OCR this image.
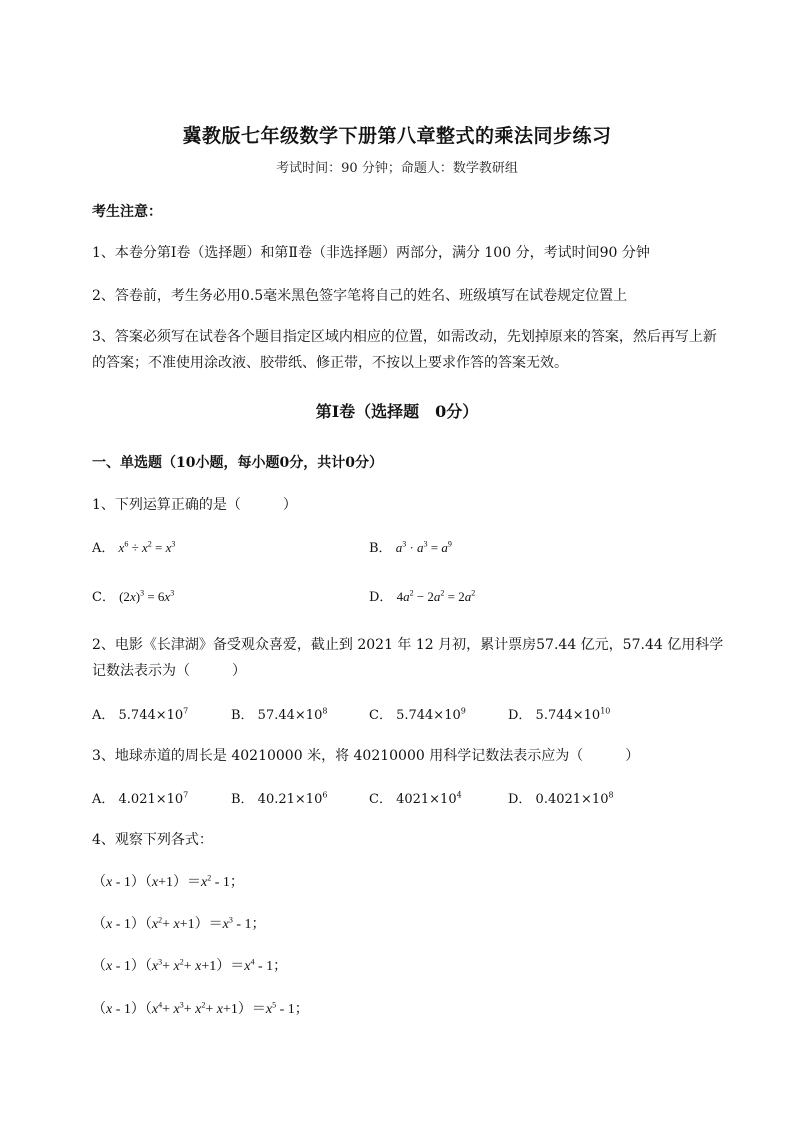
冀教版七年级数学下册第八章整式的乘法同步练习
考试时间：90 分钟；命题人：数学教研组
考生注意：
1、本卷分第Ⅰ卷（选择题）和第Ⅱ卷（非选择题）两部分，满分 100 分，考试时间90 分钟
2、答卷前，考生务必用0.5毫米黑色签字笔将自己的姓名、班级填写在试卷规定位置上
3、答案必须写在试卷各个题目指定区域内相应的位置，如需改动，先划掉原来的答案，然后再写上新
的答案；不准使用涂改液、胶带纸、修正带，不按以上要求作答的答案无效。
第Ⅰ卷（选择题　0分）
一、单选题（10小题，每小题0分，共计0分）
1、下列运算正确的是（　　　）
A． $x^6 \div x^2 = x^3$	B． $a^3 \cdot a^3 = a^9$
C． $(2x)^3 = 6x^3$	D． $4a^2 - 2a^2 = 2a^2$
2、电影《长津湖》备受观众喜爱，截止到 2021 年 12 月初，累计票房57.44 亿元，57.44 亿用科学
记数法表示为（　　　）
A． $5.744\times 10^7$	B． $57.44\times 10^8$	C． $5.744\times 10^9$	D． $5.744\times 10^{10}$
3、地球赤道的周长是 40210000 米，将 40210000 用科学记数法表示应为（　　　）
A． $4.021\times 10^7$	B． $40.21\times 10^6$	C． $4021\times 10^4$	D． $0.4021\times 10^8$
4、观察下列各式：
$(x - 1)(x+1)=x^2 - 1$；
$(x - 1)(x^2+ x+1)=x^3 - 1$；
$(x - 1)(x^3+ x^2+ x+1)=x^4 - 1$；
$(x - 1)(x^4+ x^3+ x^2+ x+1)=x^5 - 1$；
